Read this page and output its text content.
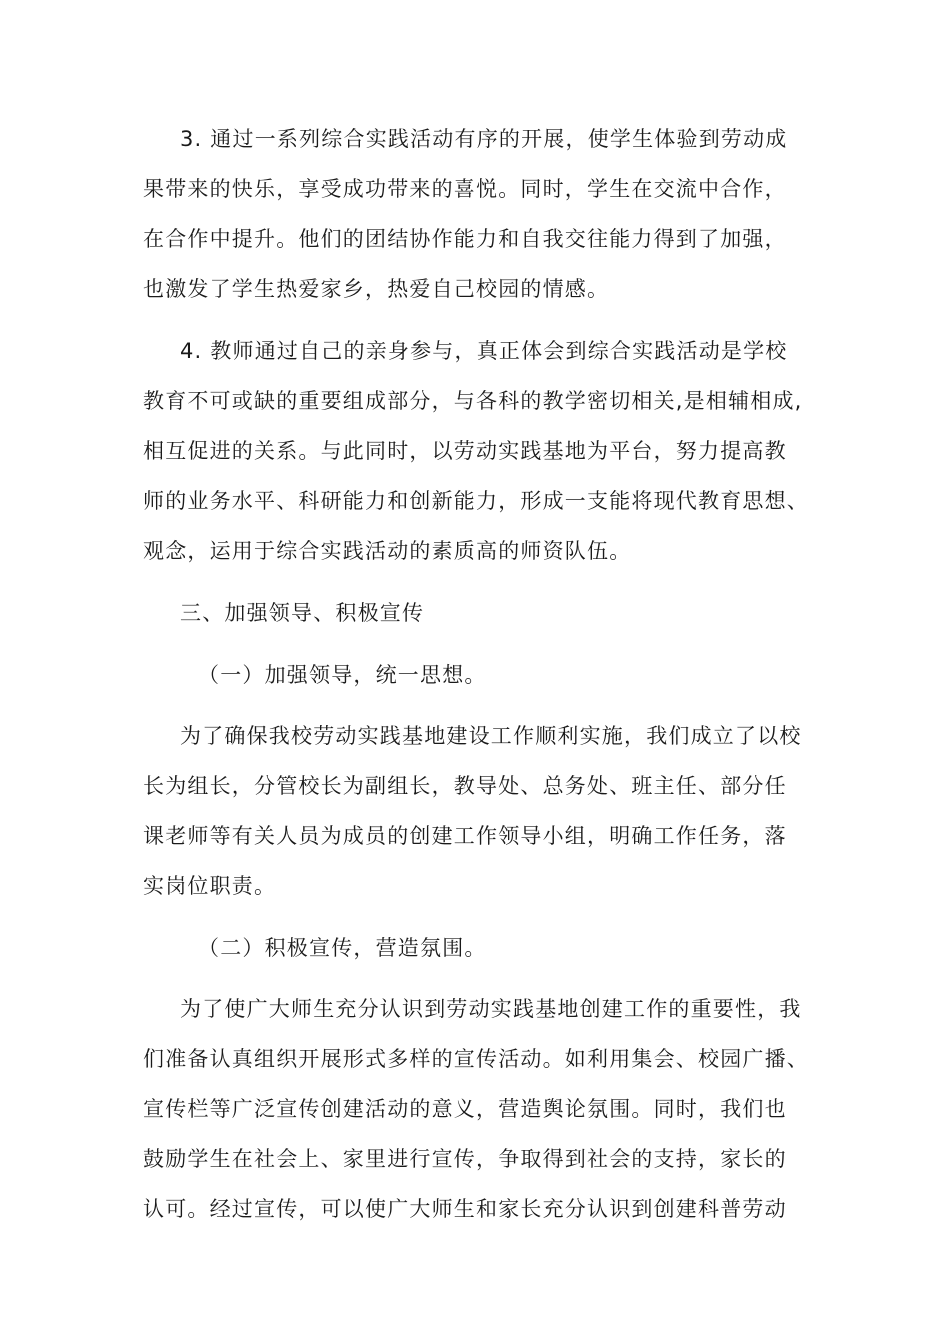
3. 通过一系列综合实践活动有序的开展，使学生体验到劳动成
果带来的快乐，享受成功带来的喜悦。同时，学生在交流中合作，
在合作中提升。他们的团结协作能力和自我交往能力得到了加强，
也激发了学生热爱家乡，热爱自己校园的情感。
4. 教师通过自己的亲身参与，真正体会到综合实践活动是学校
教育不可或缺的重要组成部分，与各科的教学密切相关,是相辅相成,
相互促进的关系。与此同时，以劳动实践基地为平台，努力提高教
师的业务水平、科研能力和创新能力，形成一支能将现代教育思想、
观念，运用于综合实践活动的素质高的师资队伍。
三、加强领导、积极宣传
（一）加强领导，统一思想。
为了确保我校劳动实践基地建设工作顺利实施，我们成立了以校
长为组长，分管校长为副组长，教导处、总务处、班主任、部分任
课老师等有关人员为成员的创建工作领导小组，明确工作任务，落
实岗位职责。
（二）积极宣传，营造氛围。
为了使广大师生充分认识到劳动实践基地创建工作的重要性，我
们准备认真组织开展形式多样的宣传活动。如利用集会、校园广播、
宣传栏等广泛宣传创建活动的意义，营造舆论氛围。同时，我们也
鼓励学生在社会上、家里进行宣传，争取得到社会的支持，家长的
认可。经过宣传，可以使广大师生和家长充分认识到创建科普劳动
